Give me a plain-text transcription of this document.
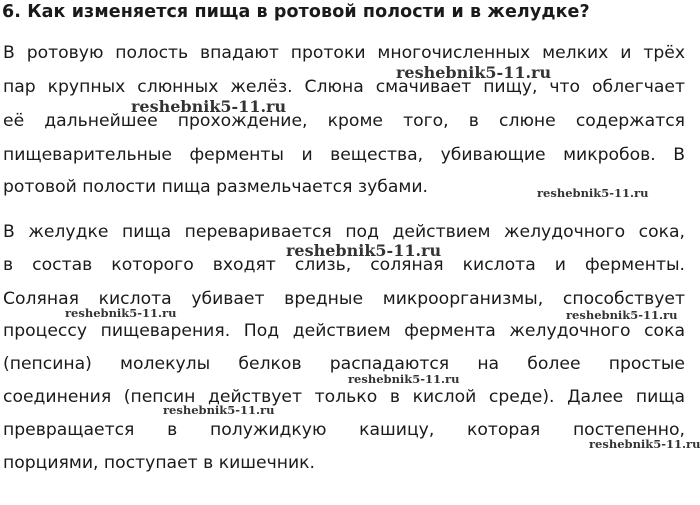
6. Как изменяется пища в ротовой полости и в желудке?
В ротовую полость впадают протоки многочисленных мелких и трёх
пар крупных слюнных желёз. Слюна смачивает пищу, что облегчает
её дальнейшее прохождение, кроме того, в слюне содержатся
пищеварительные ферменты и вещества, убивающие микробов. В
ротовой полости пища размельчается зубами.
В желудке пища переваривается под действием желудочного сока,
в состав которого входят слизь, соляная кислота и ферменты.
Соляная кислота убивает вредные микроорганизмы, способствует
процессу пищеварения. Под действием фермента желудочного сока
(пепсина) молекулы белков распадаются на более простые
соединения (пепсин действует только в кислой среде). Далее пища
превращается в полужидкую кашицу, которая постепенно,
порциями, поступает в кишечник.
reshebnik5-11.ru
reshebnik5-11.ru
reshebnik5-11.ru
reshebnik5-11.ru
reshebnik5-11.ru	reshebnik5-11.ru
reshebnik5-11.ru
reshebnik5-11.ru
reshebnik5-11.ru
